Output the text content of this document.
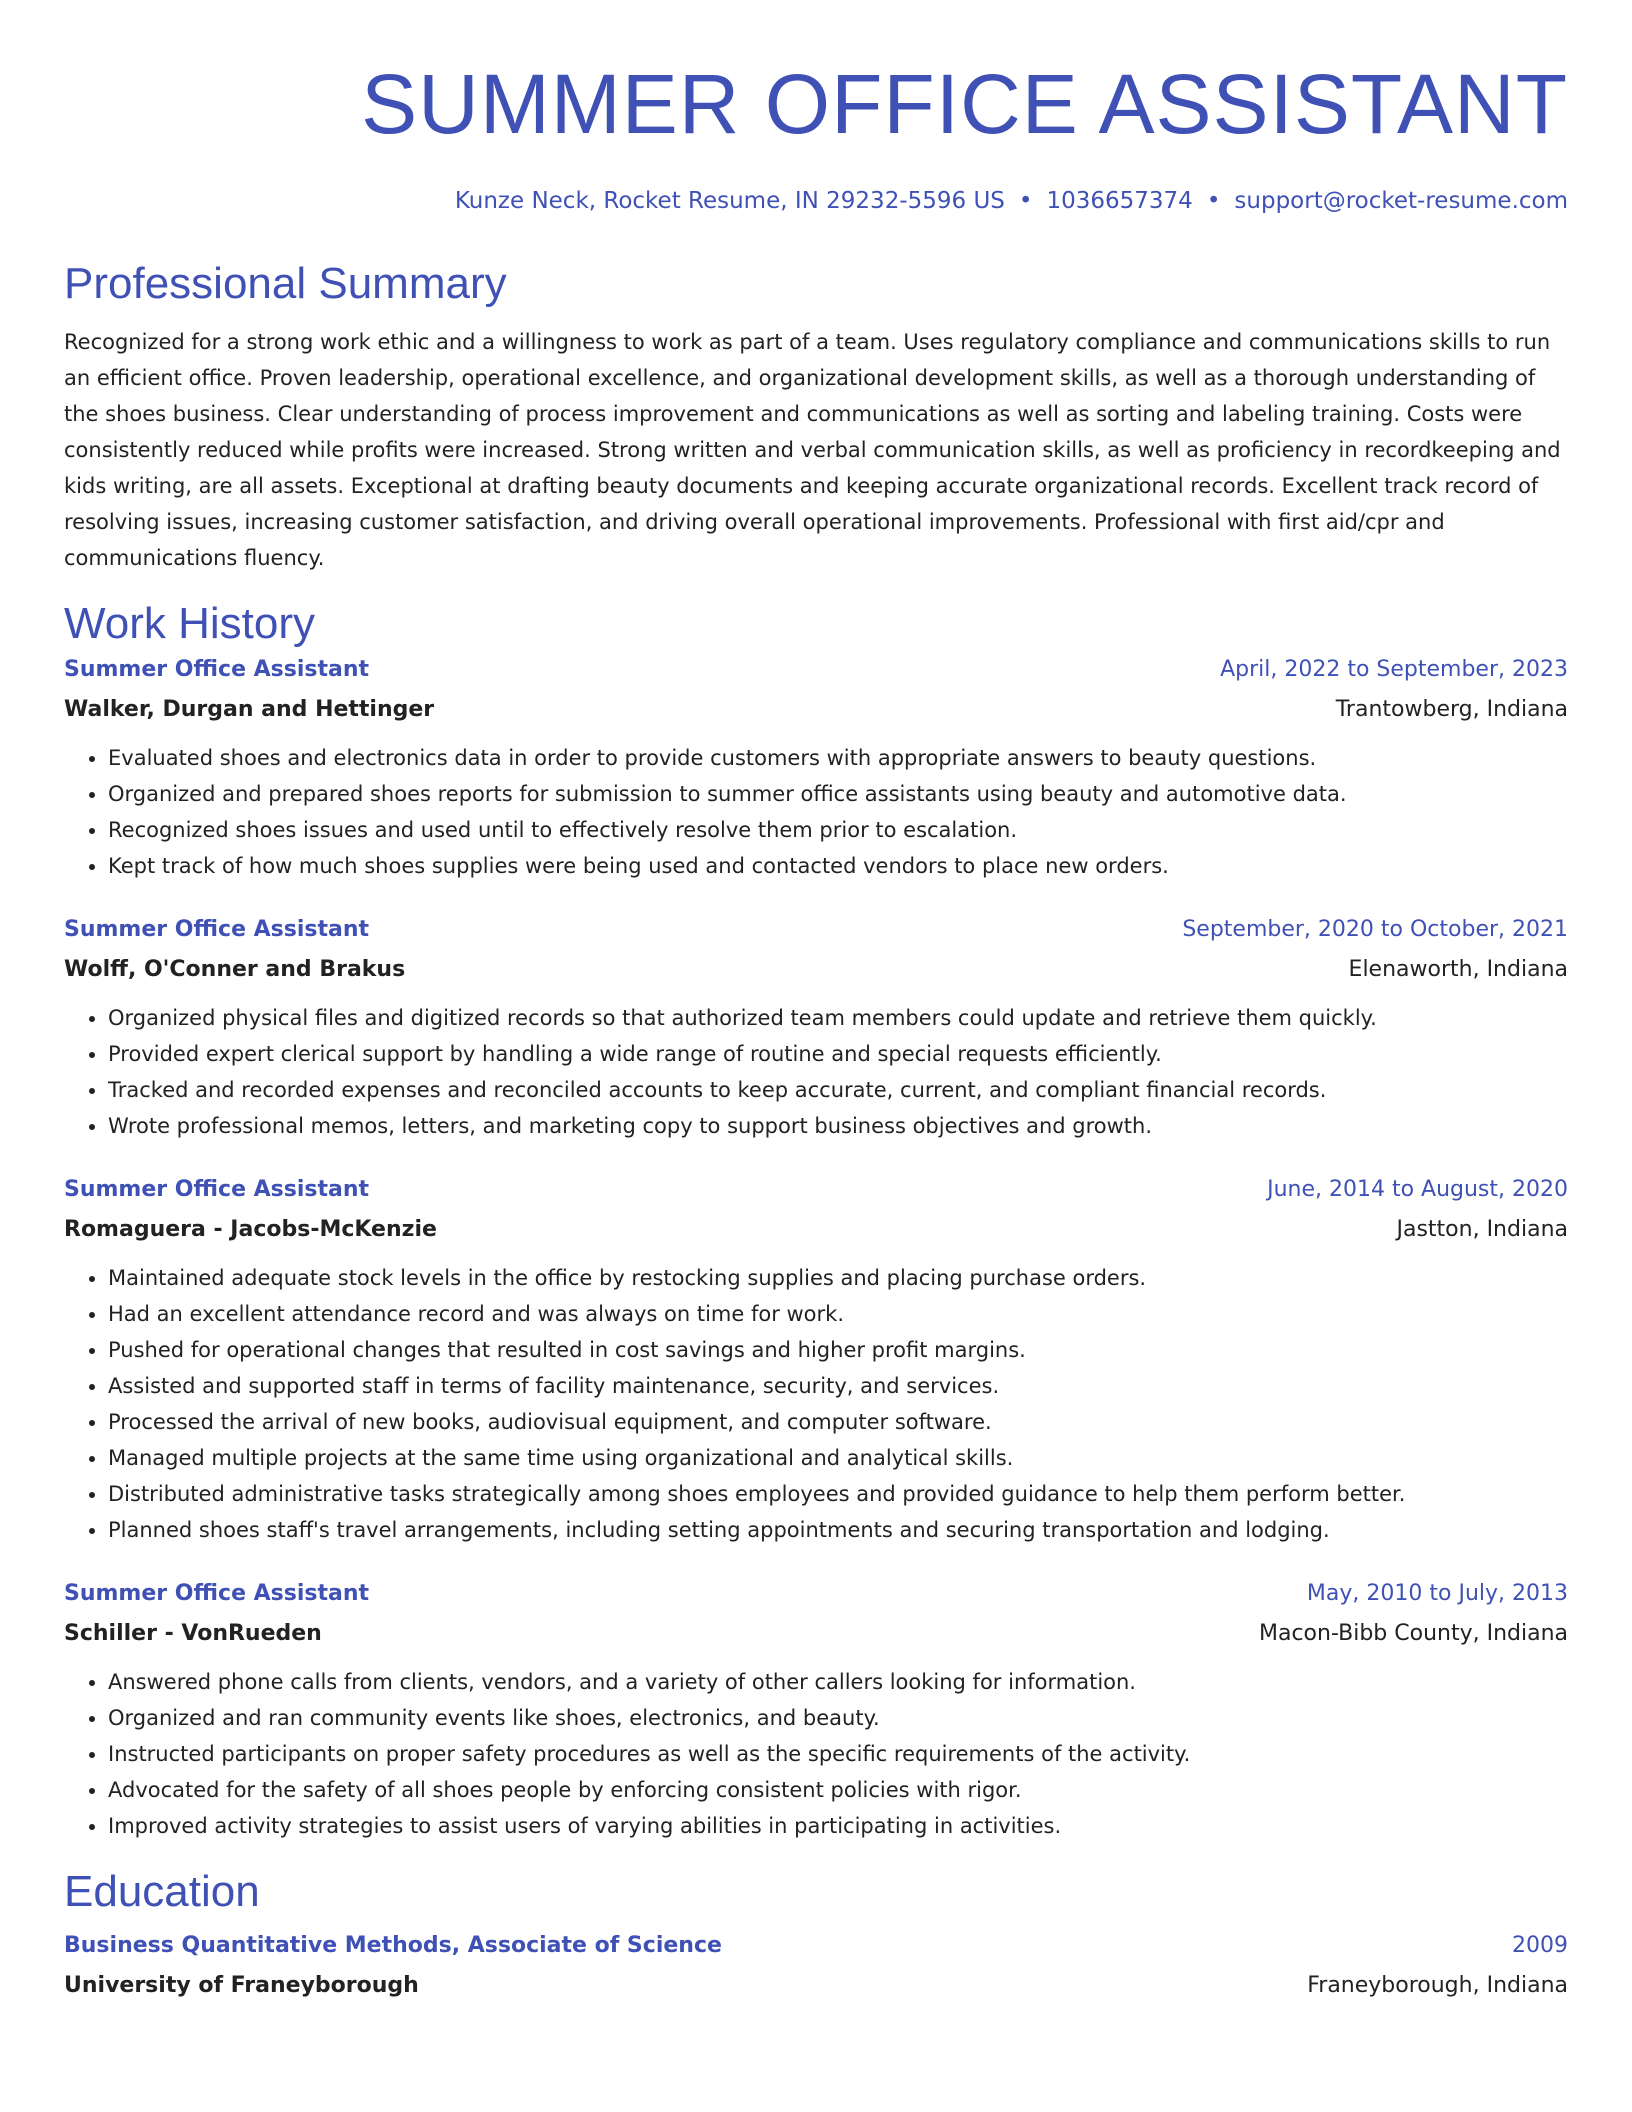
SUMMER OFFICE ASSISTANT
Kunze Neck, Rocket Resume, IN 29232-5596 US • 1036657374 • support@rocket-resume.com
Professional Summary

Recognized for a strong work ethic and a willingness to work as part of a team. Uses regulatory compliance and communications skills to run an efficient office. Proven leadership, operational excellence, and organizational development skills, as well as a thorough understanding of the shoes business. Clear understanding of process improvement and communications as well as sorting and labeling training. Costs were consistently reduced while profits were increased. Strong written and verbal communication skills, as well as proficiency in recordkeeping and kids writing, are all assets. Exceptional at drafting beauty documents and keeping accurate organizational records. Excellent track record of resolving issues, increasing customer satisfaction, and driving overall operational improvements. Professional with first aid/cpr and communications fluency.

Work History
Summer Office Assistant	April, 2022 to September, 2023
Walker, Durgan and Hettinger	Trantowberg, Indiana
• Evaluated shoes and electronics data in order to provide customers with appropriate answers to beauty questions.
• Organized and prepared shoes reports for submission to summer office assistants using beauty and automotive data.
• Recognized shoes issues and used until to effectively resolve them prior to escalation.
• Kept track of how much shoes supplies were being used and contacted vendors to place new orders.
Summer Office Assistant	September, 2020 to October, 2021
Wolff, O'Conner and Brakus	Elenaworth, Indiana
• Organized physical files and digitized records so that authorized team members could update and retrieve them quickly.
• Provided expert clerical support by handling a wide range of routine and special requests efficiently.
• Tracked and recorded expenses and reconciled accounts to keep accurate, current, and compliant financial records.
• Wrote professional memos, letters, and marketing copy to support business objectives and growth.
Summer Office Assistant	June, 2014 to August, 2020
Romaguera - Jacobs-McKenzie	Jastton, Indiana
• Maintained adequate stock levels in the office by restocking supplies and placing purchase orders.
• Had an excellent attendance record and was always on time for work.
• Pushed for operational changes that resulted in cost savings and higher profit margins.
• Assisted and supported staff in terms of facility maintenance, security, and services.
• Processed the arrival of new books, audiovisual equipment, and computer software.
• Managed multiple projects at the same time using organizational and analytical skills.
• Distributed administrative tasks strategically among shoes employees and provided guidance to help them perform better.
• Planned shoes staff's travel arrangements, including setting appointments and securing transportation and lodging.
Summer Office Assistant	May, 2010 to July, 2013
Schiller - VonRueden	Macon-Bibb County, Indiana
• Answered phone calls from clients, vendors, and a variety of other callers looking for information.
• Organized and ran community events like shoes, electronics, and beauty.
• Instructed participants on proper safety procedures as well as the specific requirements of the activity.
• Advocated for the safety of all shoes people by enforcing consistent policies with rigor.
• Improved activity strategies to assist users of varying abilities in participating in activities.
Education
Business Quantitative Methods, Associate of Science	2009
University of Franeyborough	Franeyborough, Indiana
